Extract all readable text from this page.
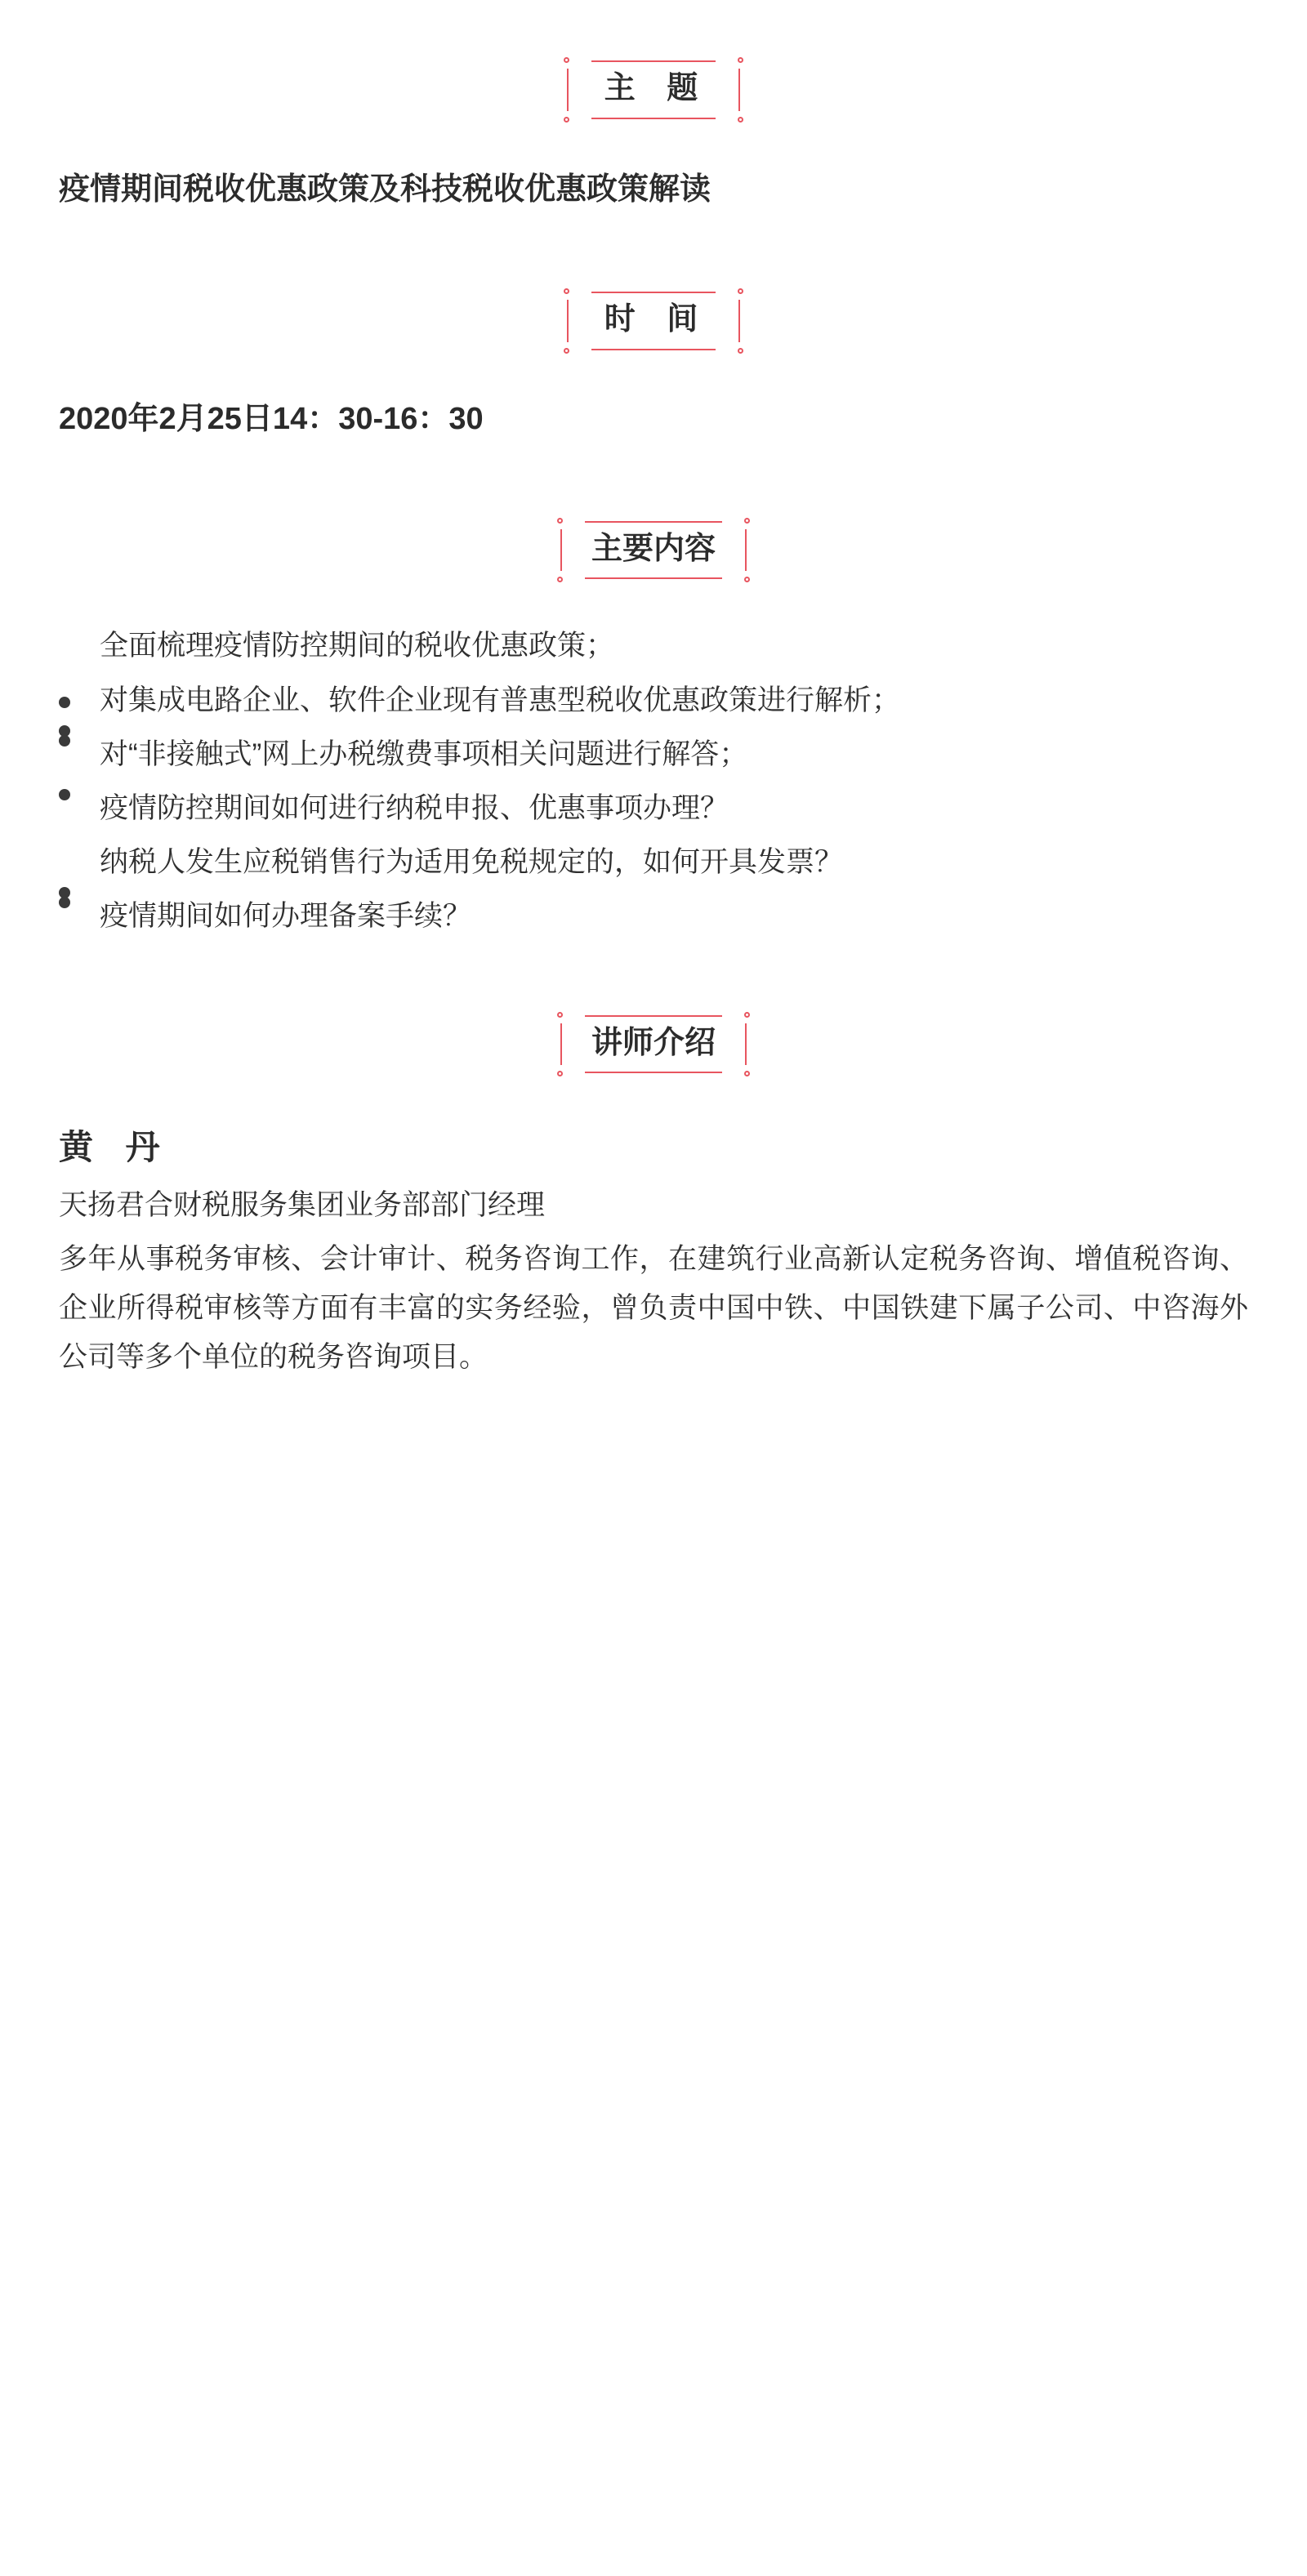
主 题

疫情期间税收优惠政策及科技税收优惠政策解读

时 间

2020年2月25日14：30-16：30

主要内容
全面梳理疫情防控期间的税收优惠政策；
对集成电路企业、软件企业现有普惠型税收优惠政策进行解析；
对“非接触式”网上办税缴费事项相关问题进行解答；
疫情防控期间如何进行纳税申报、优惠事项办理？
纳税人发生应税销售行为适用免税规定的，如何开具发票？
疫情期间如何办理备案手续？
讲师介绍

黄 丹

天扬君合财税服务集团业务部部门经理

多年从事税务审核、会计审计、税务咨询工作，在建筑行业高新认定税务咨询、增值税咨询、企业所得税审核等方面有丰富的实务经验，曾负责中国中铁、中国铁建下属子公司、中咨海外公司等多个单位的税务咨询项目。
